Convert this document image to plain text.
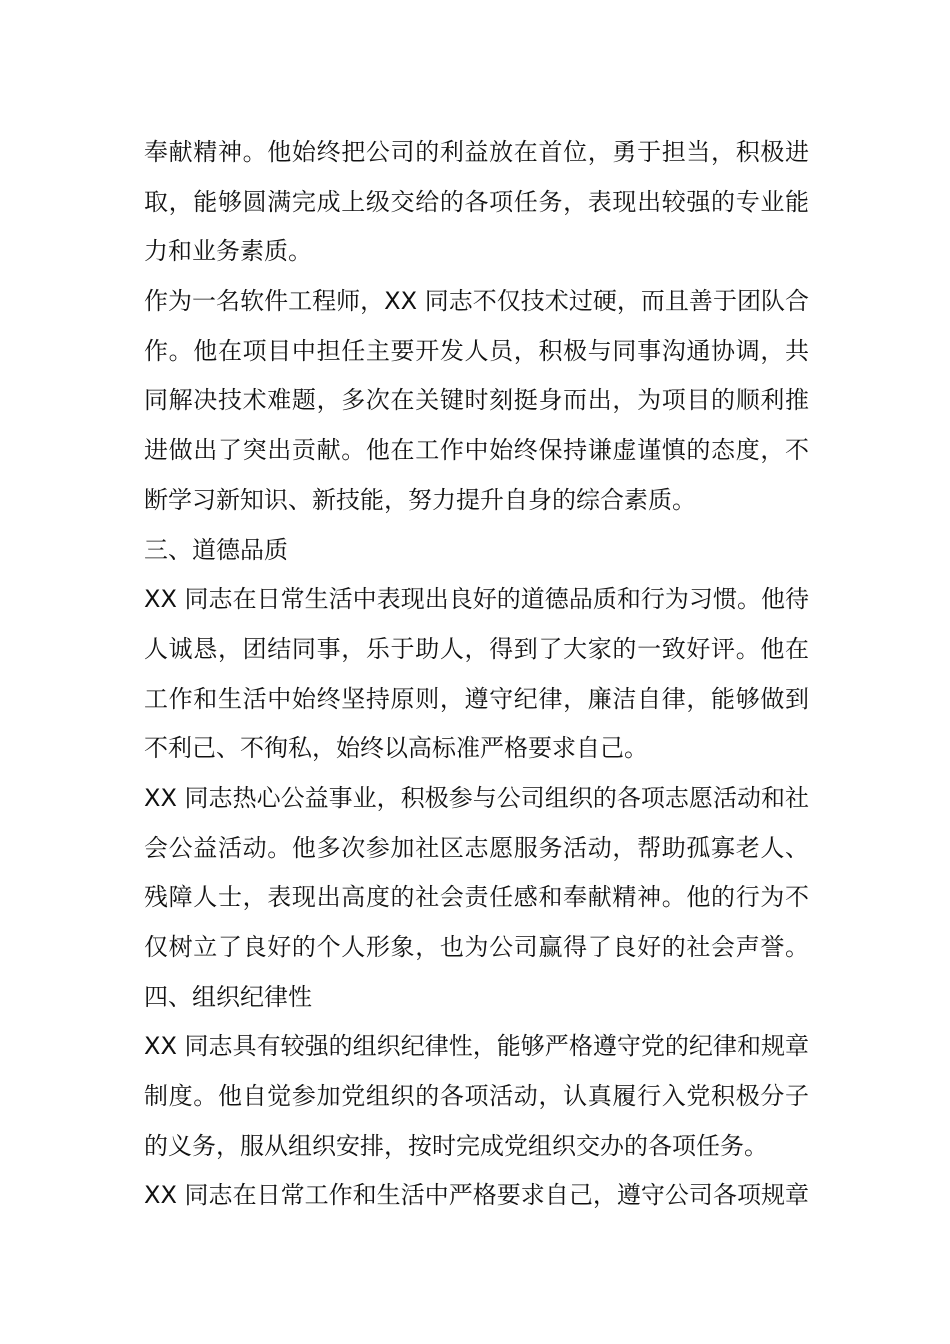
奉献精神。他始终把公司的利益放在首位，勇于担当，积极进
取，能够圆满完成上级交给的各项任务，表现出较强的专业能
力和业务素质。
作为一名软件工程师，XX 同志不仅技术过硬，而且善于团队合
作。他在项目中担任主要开发人员，积极与同事沟通协调，共
同解决技术难题，多次在关键时刻挺身而出，为项目的顺利推
进做出了突出贡献。他在工作中始终保持谦虚谨慎的态度，不
断学习新知识、新技能，努力提升自身的综合素质。
三、道德品质
XX 同志在日常生活中表现出良好的道德品质和行为习惯。他待
人诚恳，团结同事，乐于助人，得到了大家的一致好评。他在
工作和生活中始终坚持原则，遵守纪律，廉洁自律，能够做到
不利己、不徇私，始终以高标准严格要求自己。
XX 同志热心公益事业，积极参与公司组织的各项志愿活动和社
会公益活动。他多次参加社区志愿服务活动，帮助孤寡老人、
残障人士，表现出高度的社会责任感和奉献精神。他的行为不
仅树立了良好的个人形象，也为公司赢得了良好的社会声誉。
四、组织纪律性
XX 同志具有较强的组织纪律性，能够严格遵守党的纪律和规章
制度。他自觉参加党组织的各项活动，认真履行入党积极分子
的义务，服从组织安排，按时完成党组织交办的各项任务。
XX 同志在日常工作和生活中严格要求自己，遵守公司各项规章
